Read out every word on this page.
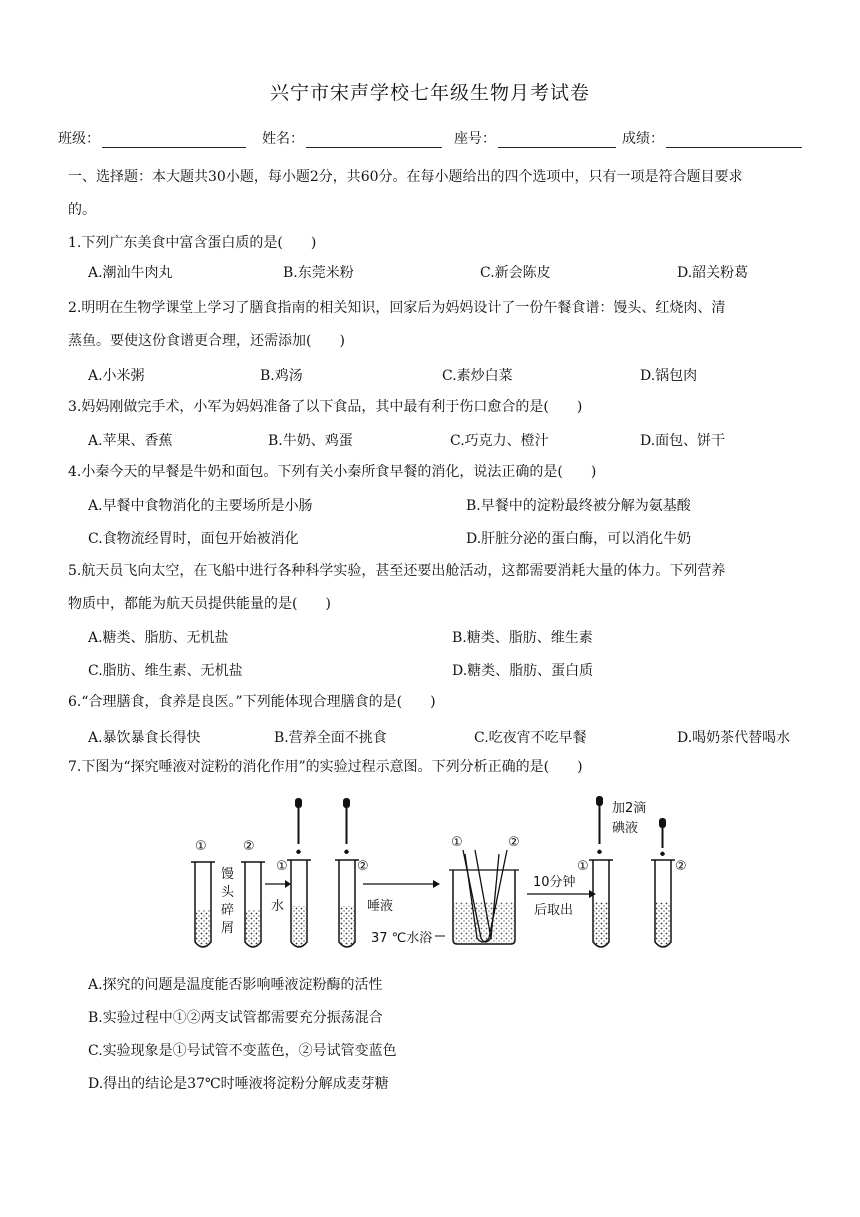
兴宁市宋声学校七年级生物月考试卷
班级：	姓名：	座号：	成绩：
一、选择题：本大题共30小题，每小题2分，共60分。在每小题给出的四个选项中，只有一项是符合题目要求
的。
1.下列广东美食中富含蛋白质的是(　　)
A.潮汕牛肉丸	B.东莞米粉	C.新会陈皮	D.韶关粉葛
2.明明在生物学课堂上学习了膳食指南的相关知识，回家后为妈妈设计了一份午餐食谱：馒头、红烧肉、清
蒸鱼。要使这份食谱更合理，还需添加(　　)
A.小米粥	B.鸡汤	C.素炒白菜	D.锅包肉
3.妈妈刚做完手术，小军为妈妈准备了以下食品，其中最有利于伤口愈合的是(　　)
A.苹果、香蕉	B.牛奶、鸡蛋	C.巧克力、橙汁	D.面包、饼干
4.小秦今天的早餐是牛奶和面包。下列有关小秦所食早餐的消化，说法正确的是(　　)
A.早餐中食物消化的主要场所是小肠	B.早餐中的淀粉最终被分解为氨基酸
C.食物流经胃时，面包开始被消化	D.肝脏分泌的蛋白酶，可以消化牛奶
5.航天员飞向太空，在飞船中进行各种科学实验，甚至还要出舱活动，这都需要消耗大量的体力。下列营养
物质中，都能为航天员提供能量的是(　　)
A.糖类、脂肪、无机盐	B.糖类、脂肪、维生素
C.脂肪、维生素、无机盐	D.糖类、脂肪、蛋白质
6.“合理膳食，食养是良医。”下列能体现合理膳食的是(　　)
A.暴饮暴食长得快	B.营养全面不挑食	C.吃夜宵不吃早餐	D.喝奶茶代替喝水
7.下图为“探究唾液对淀粉的消化作用”的实验过程示意图。下列分析正确的是(　　)
①	②
馒
头
碎
屑
水
①	②
唾液
①	②
37 ℃水浴
10分钟
后取出
加2滴
碘液
①	②
A.探究的问题是温度能否影响唾液淀粉酶的活性
B.实验过程中①②两支试管都需要充分振荡混合
C.实验现象是①号试管不变蓝色，②号试管变蓝色
D.得出的结论是37℃时唾液将淀粉分解成麦芽糖
